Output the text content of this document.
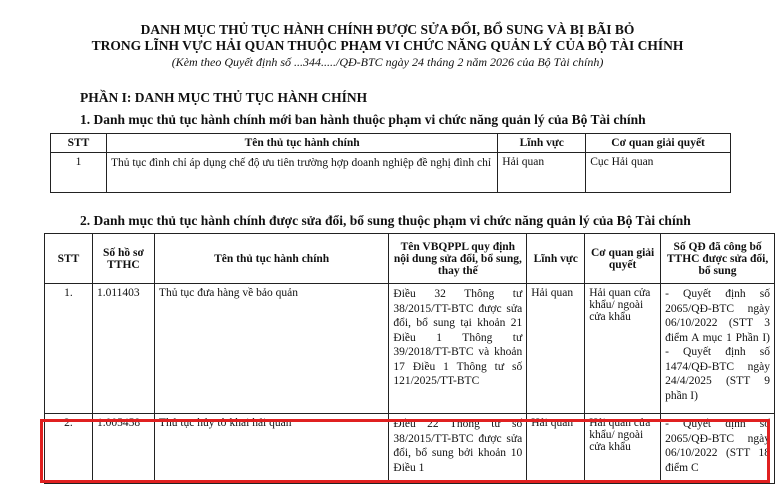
DANH MỤC THỦ TỤC HÀNH CHÍNH ĐƯỢC SỬA ĐỔI, BỔ SUNG VÀ BỊ BÃI BỎ
TRONG LĨNH VỰC HẢI QUAN THUỘC PHẠM VI CHỨC NĂNG QUẢN LÝ CỦA BỘ TÀI CHÍNH
(Kèm theo Quyết định số ...344...../QĐ-BTC ngày 24 tháng 2 năm 2026 của Bộ Tài chính)
PHẦN I: DANH MỤC THỦ TỤC HÀNH CHÍNH
1. Danh mục thủ tục hành chính mới ban hành thuộc phạm vi chức năng quản lý của Bộ Tài chính
STT	Tên thủ tục hành chính	Lĩnh vực	Cơ quan giải quyết
1	Thủ tục đình chỉ áp dụng chế độ ưu tiên trường hợp doanh nghiệp đề nghị đình chỉ	Hải quan	Cục Hải quan
2. Danh mục thủ tục hành chính được sửa đổi, bổ sung thuộc phạm vi chức năng quản lý của Bộ Tài chính
STT	Số hồ sơ TTHC	Tên thủ tục hành chính	Tên VBQPPL quy định nội dung sửa đổi, bổ sung, thay thế	Lĩnh vực	Cơ quan giải quyết	Số QĐ đã công bố TTHC được sửa đổi, bổ sung
1.	1.011403	Thủ tục đưa hàng về bảo quản	Điều 32 Thông tư 38/2015/TT-BTC được sửa đổi, bổ sung tại khoản 21 Điều 1 Thông tư 39/2018/TT-BTC và khoản 17 Điều 1 Thông tư số 121/2025/TT-BTC	Hải quan	Hải quan cửa khẩu/ ngoài cửa khẩu	- Quyết định số 2065/QĐ-BTC ngày 06/10/2022 (STT 3 điểm A mục 1 Phần I) - Quyết định số 1474/QĐ-BTC ngày 24/4/2025 (STT 9 phần I)
2.	1.005458	Thủ tục hủy tờ khai hải quan	Điều 22 Thông tư số 38/2015/TT-BTC được sửa đổi, bổ sung bởi khoản 10 Điều 1	Hải quan	Hải quan cửa khẩu/ ngoài cửa khẩu	- Quyết định số 2065/QĐ-BTC ngày 06/10/2022 (STT 18 điểm C
